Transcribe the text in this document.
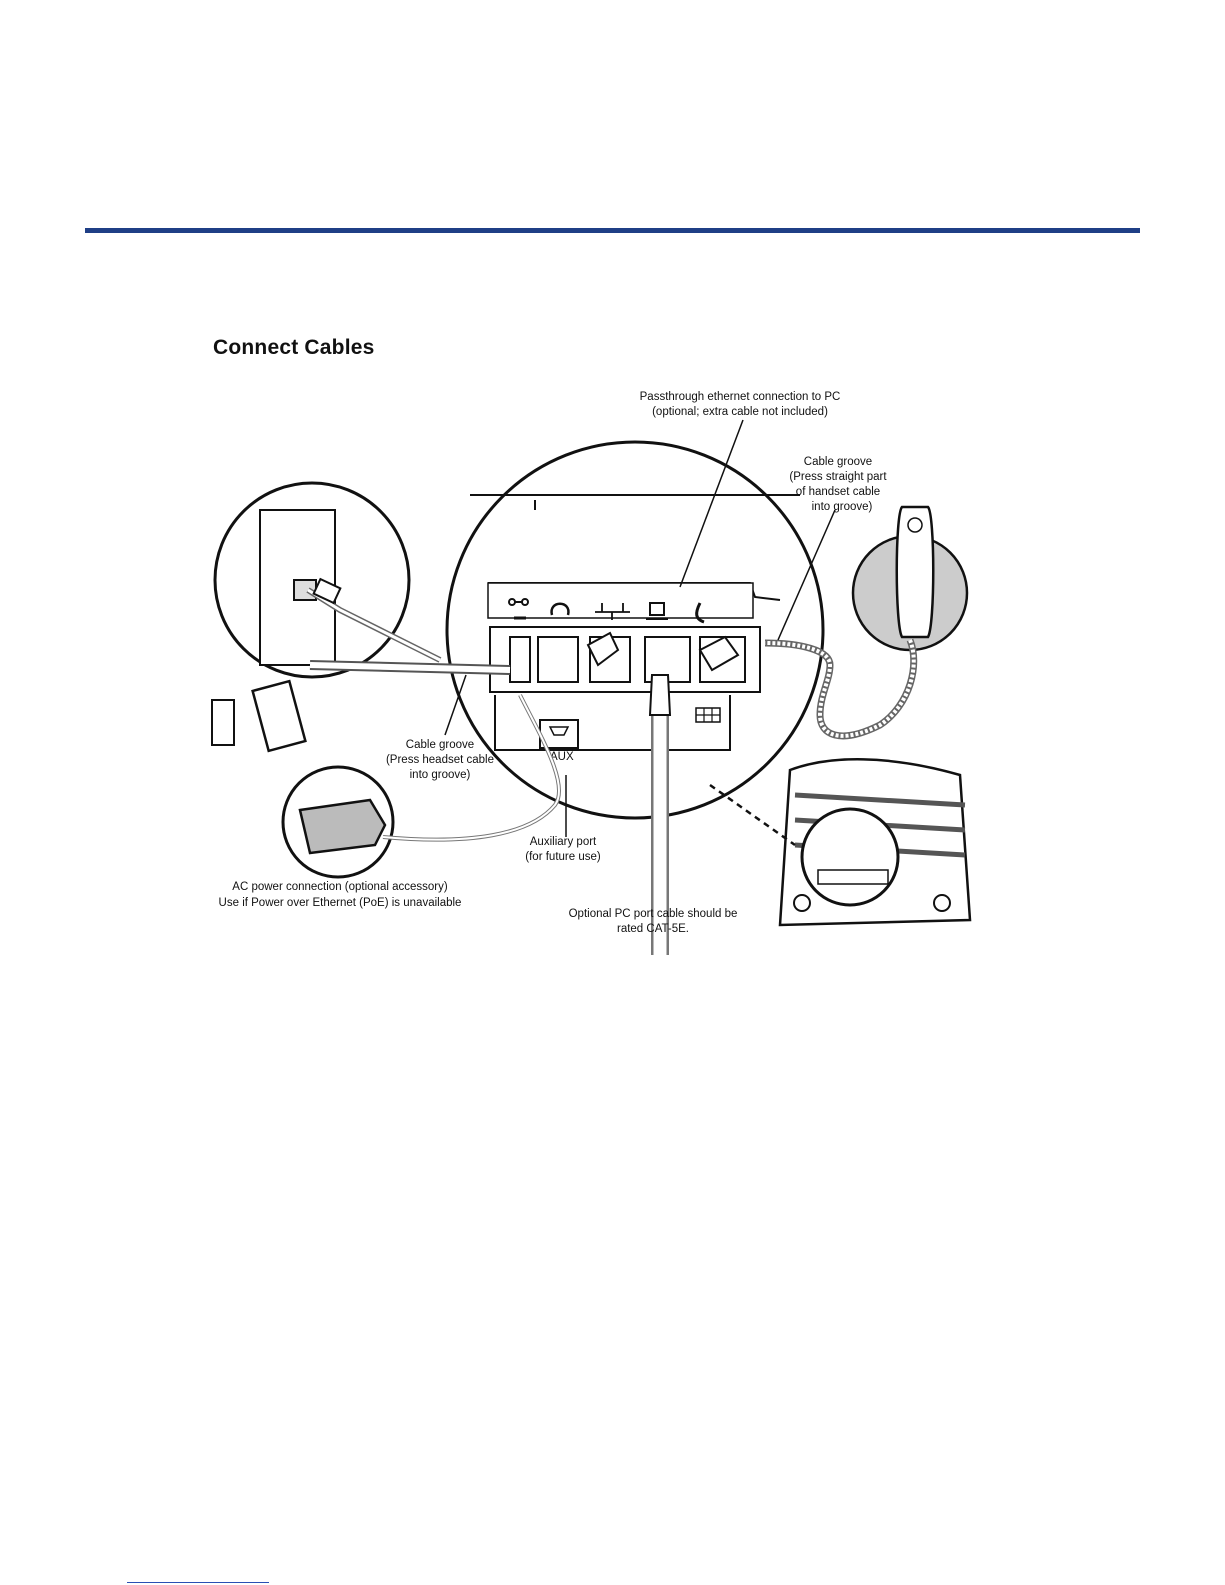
Connect Cables
AUX
Passthrough ethernet connection to PC
(optional; extra cable not included)
Cable groove
(Press straight part
of handset cable
into groove)
Cable groove
(Press headset cable
into groove)
Auxiliary port
(for future use)
AC power connection (optional accessory)
Use if Power over Ethernet (PoE) is unavailable
Optional PC port cable should be
rated CAT-5E.
